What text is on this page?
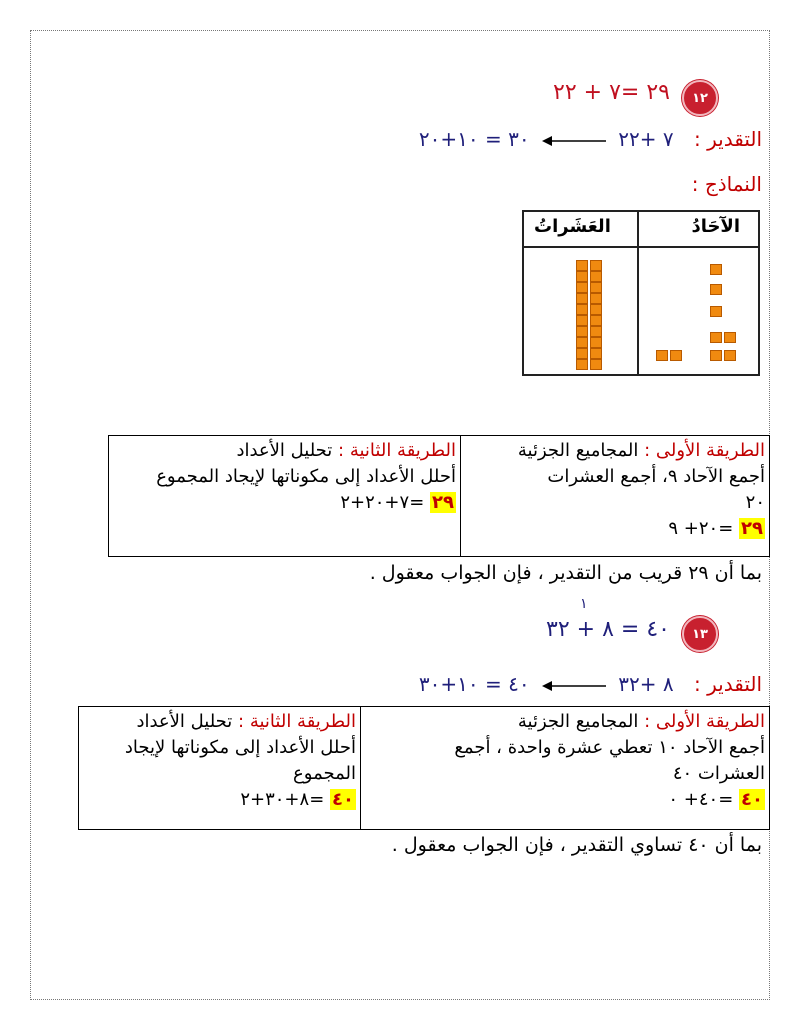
١٢
٢٩ =٧ + ٢٢
التقدير : ٧ +٢٢  ٣٠ = ١٠+٢٠
النماذج :
الآحَادُ
العَشَراتُ
الطريقة الأولى : المجاميع الجزئية
أجمع الآحاد ٩، أجمع العشرات
٢٠
٢٩ =٢٠+ ٩

الطريقة الثانية : تحليل الأعداد
أحلل الأعداد إلى مكوناتها لإيجاد المجموع
٢٩ =٧+٢٠+٢
بما أن ٢٩ قريب من التقدير ، فإن الجواب معقول .
١٣
١
٤٠ = ٨ + ٣٢
التقدير : ٨ +٣٢  ٤٠ = ١٠+٣٠
الطريقة الأولى : المجاميع الجزئية
أجمع الآحاد ١٠ تعطي عشرة واحدة ، أجمع
العشرات ٤٠
٤٠ =٤٠+ ٠

الطريقة الثانية : تحليل الأعداد
أحلل الأعداد إلى مكوناتها لإيجاد
المجموع
٤٠ =٨+٣٠+٢
بما أن ٤٠ تساوي التقدير ، فإن الجواب معقول .
